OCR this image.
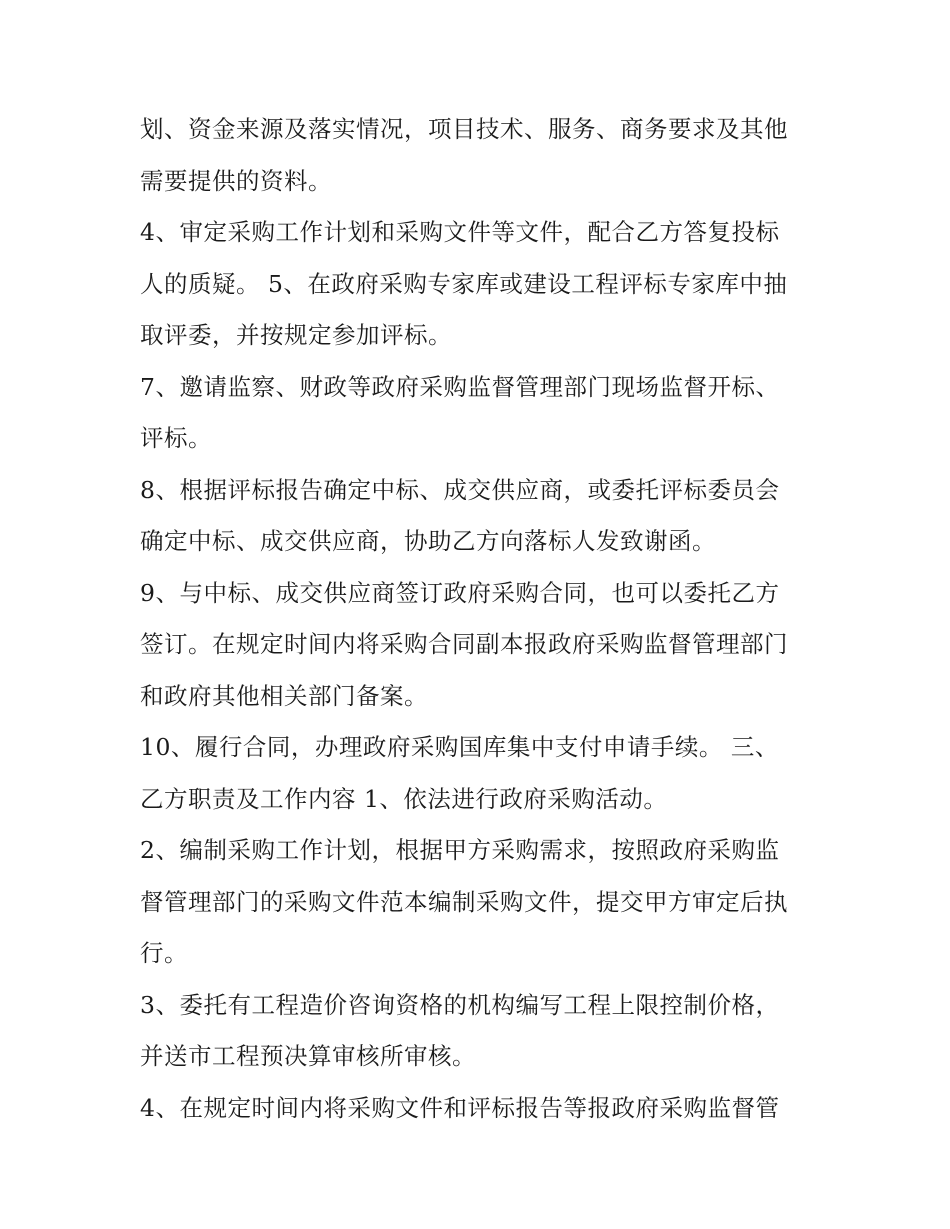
划、资金来源及落实情况，项目技术、服务、商务要求及其他
需要提供的资料。
4、审定采购工作计划和采购文件等文件，配合乙方答复投标
人的质疑。 5、在政府采购专家库或建设工程评标专家库中抽
取评委，并按规定参加评标。
7、邀请监察、财政等政府采购监督管理部门现场监督开标、
评标。
8、根据评标报告确定中标、成交供应商，或委托评标委员会
确定中标、成交供应商，协助乙方向落标人发致谢函。
9、与中标、成交供应商签订政府采购合同，也可以委托乙方
签订。在规定时间内将采购合同副本报政府采购监督管理部门
和政府其他相关部门备案。
10、履行合同，办理政府采购国库集中支付申请手续。 三、
乙方职责及工作内容 1、依法进行政府采购活动。
2、编制采购工作计划，根据甲方采购需求，按照政府采购监
督管理部门的采购文件范本编制采购文件，提交甲方审定后执
行。
3、委托有工程造价咨询资格的机构编写工程上限控制价格，
并送市工程预决算审核所审核。
4、在规定时间内将采购文件和评标报告等报政府采购监督管
